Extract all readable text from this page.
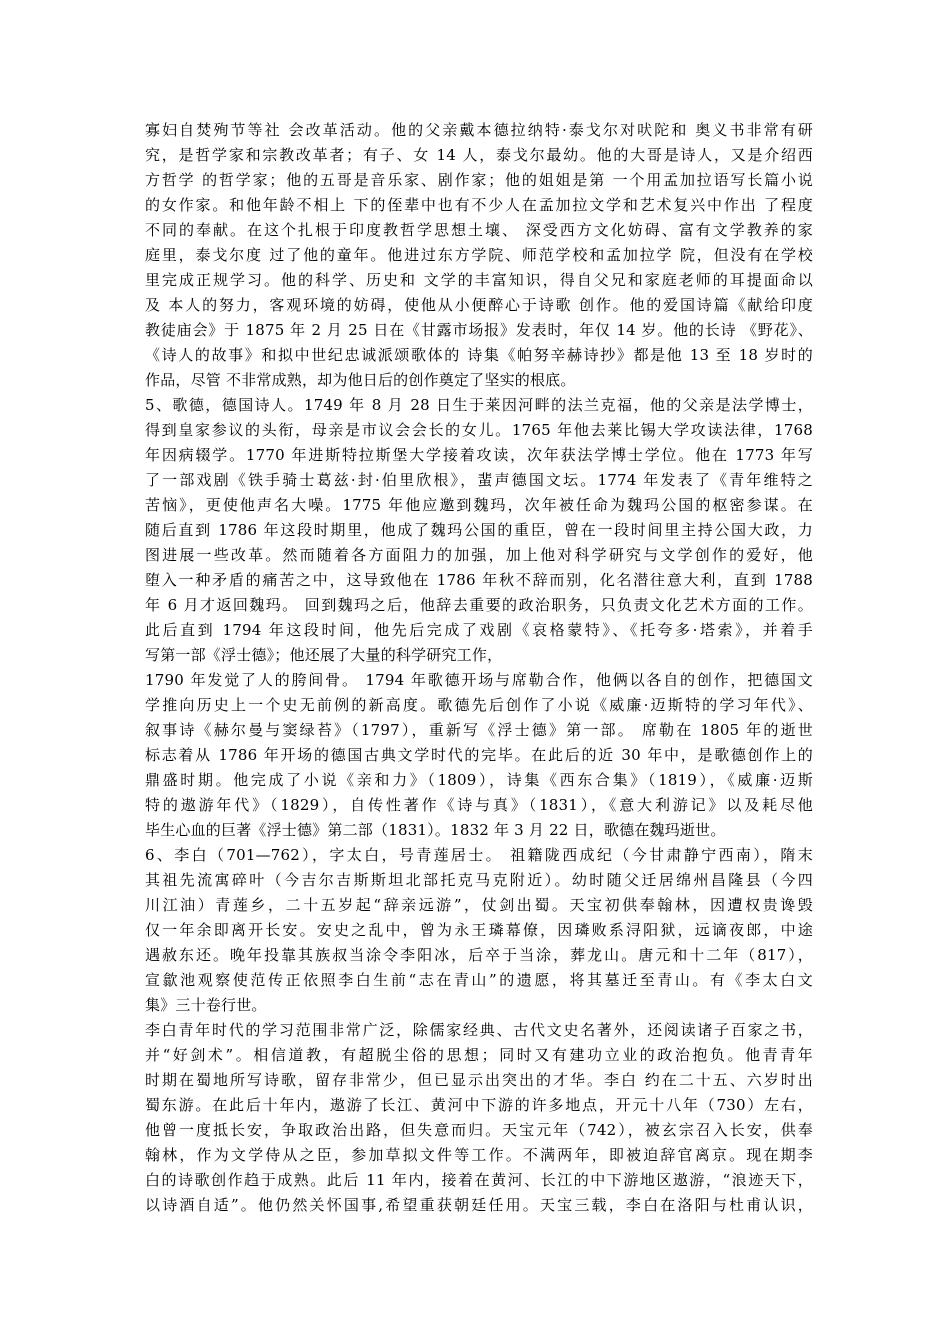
寡妇自焚殉节等社 会改革活动。他的父亲戴本德拉纳特·泰戈尔对吠陀和 奥义书非常有研
究，是哲学家和宗教改革者；有子、女 14 人，泰戈尔最幼。他的大哥是诗人，又是介绍西
方哲学 的哲学家；他的五哥是音乐家、剧作家；他的姐姐是第 一个用孟加拉语写长篇小说
的女作家。和他年龄不相上 下的侄辈中也有不少人在孟加拉文学和艺术复兴中作出 了程度
不同的奉献。在这个扎根于印度教哲学思想土壤、 深受西方文化妨碍、富有文学教养的家
庭里，泰戈尔度 过了他的童年。他进过东方学院、师范学校和孟加拉学 院，但没有在学校
里完成正规学习。他的科学、历史和 文学的丰富知识，得自父兄和家庭老师的耳提面命以
及 本人的努力，客观环境的妨碍，使他从小便醉心于诗歌 创作。他的爱国诗篇《献给印度
教徒庙会》于 1875 年 2 月 25 日在《甘露市场报》发表时，年仅 14 岁。他的长诗 《野花》、
《诗人的故事》和拟中世纪忠诚派颂歌体的 诗集《帕努辛赫诗抄》都是他 13 至 18 岁时的
作品，尽管 不非常成熟，却为他日后的创作奠定了坚实的根底。
5、歌德，德国诗人。1749 年 8 月 28 日生于莱因河畔的法兰克福，他的父亲是法学博士，
得到皇家参议的头衔，母亲是市议会会长的女儿。1765 年他去莱比锡大学攻读法律，1768
年因病辍学。1770 年进斯特拉斯堡大学接着攻读，次年获法学博士学位。他在 1773 年写
了一部戏剧《铁手骑士葛兹·封·伯里欣根》，蜚声德国文坛。1774 年发表了《青年维特之
苦恼》，更使他声名大噪。1775 年他应邀到魏玛，次年被任命为魏玛公国的枢密参谋。在
随后直到 1786 年这段时期里，他成了魏玛公国的重臣，曾在一段时间里主持公国大政，力
图进展一些改革。然而随着各方面阻力的加强，加上他对科学研究与文学创作的爱好，他
堕入一种矛盾的痛苦之中，这导致他在 1786 年秋不辞而别，化名潜往意大利，直到 1788
年 6 月才返回魏玛。 回到魏玛之后，他辞去重要的政治职务，只负责文化艺术方面的工作。
此后直到 1794 年这段时间，他先后完成了戏剧《哀格蒙特》、《托夸多·塔索》，并着手
写第一部《浮士德》；他还展了大量的科学研究工作，
1790 年发觉了人的胯间骨。 1794 年歌德开场与席勒合作，他俩以各自的创作，把德国文
学推向历史上一个史无前例的新高度。歌德先后创作了小说《威廉·迈斯特的学习年代》、
叙事诗《赫尔曼与窦绿苔》（1797），重新写《浮士德》第一部。 席勒在 1805 年的逝世
标志着从 1786 年开场的德国古典文学时代的完毕。在此后的近 30 年中，是歌德创作上的
鼎盛时期。他完成了小说《亲和力》（1809），诗集《西东合集》（1819），《威廉·迈斯
特的遨游年代》（1829），自传性著作《诗与真》（1831），《意大利游记》以及耗尽他
毕生心血的巨著《浮士德》第二部（1831）。1832 年 3 月 22 日，歌德在魏玛逝世。
6、李白（701—762），字太白，号青莲居士。 祖籍陇西成纪（今甘肃静宁西南），隋末
其祖先流寓碎叶（今吉尔吉斯斯坦北部托克马克附近）。幼时随父迁居绵州昌隆县（今四
川江油）青莲乡，二十五岁起“辞亲远游”，仗剑出蜀。天宝初供奉翰林，因遭权贵谗毁
仅一年余即离开长安。安史之乱中，曾为永王璘幕僚，因璘败系浔阳狱，远谪夜郎，中途
遇赦东还。晚年投靠其族叔当涂令李阳冰，后卒于当涂，葬龙山。唐元和十二年（817），
宣歙池观察使范传正依照李白生前“志在青山”的遗愿，将其墓迁至青山。有《李太白文
集》三十卷行世。
李白青年时代的学习范围非常广泛，除儒家经典、古代文史名著外，还阅读诸子百家之书，
并“好剑术”。相信道教，有超脱尘俗的思想；同时又有建功立业的政治抱负。他青青年
时期在蜀地所写诗歌，留存非常少，但已显示出突出的才华。李白 约在二十五、六岁时出
蜀东游。在此后十年内，遨游了长江、黄河中下游的许多地点，开元十八年（730）左右，
他曾一度抵长安，争取政治出路，但失意而归。天宝元年（742），被玄宗召入长安，供奉
翰林，作为文学侍从之臣，参加草拟文件等工作。不满两年，即被迫辞官离京。现在期李
白的诗歌创作趋于成熟。此后 11 年内，接着在黄河、长江的中下游地区遨游，“浪迹天下，
以诗酒自适”。他仍然关怀国事,希望重获朝廷任用。天宝三载，李白在洛阳与杜甫认识，
